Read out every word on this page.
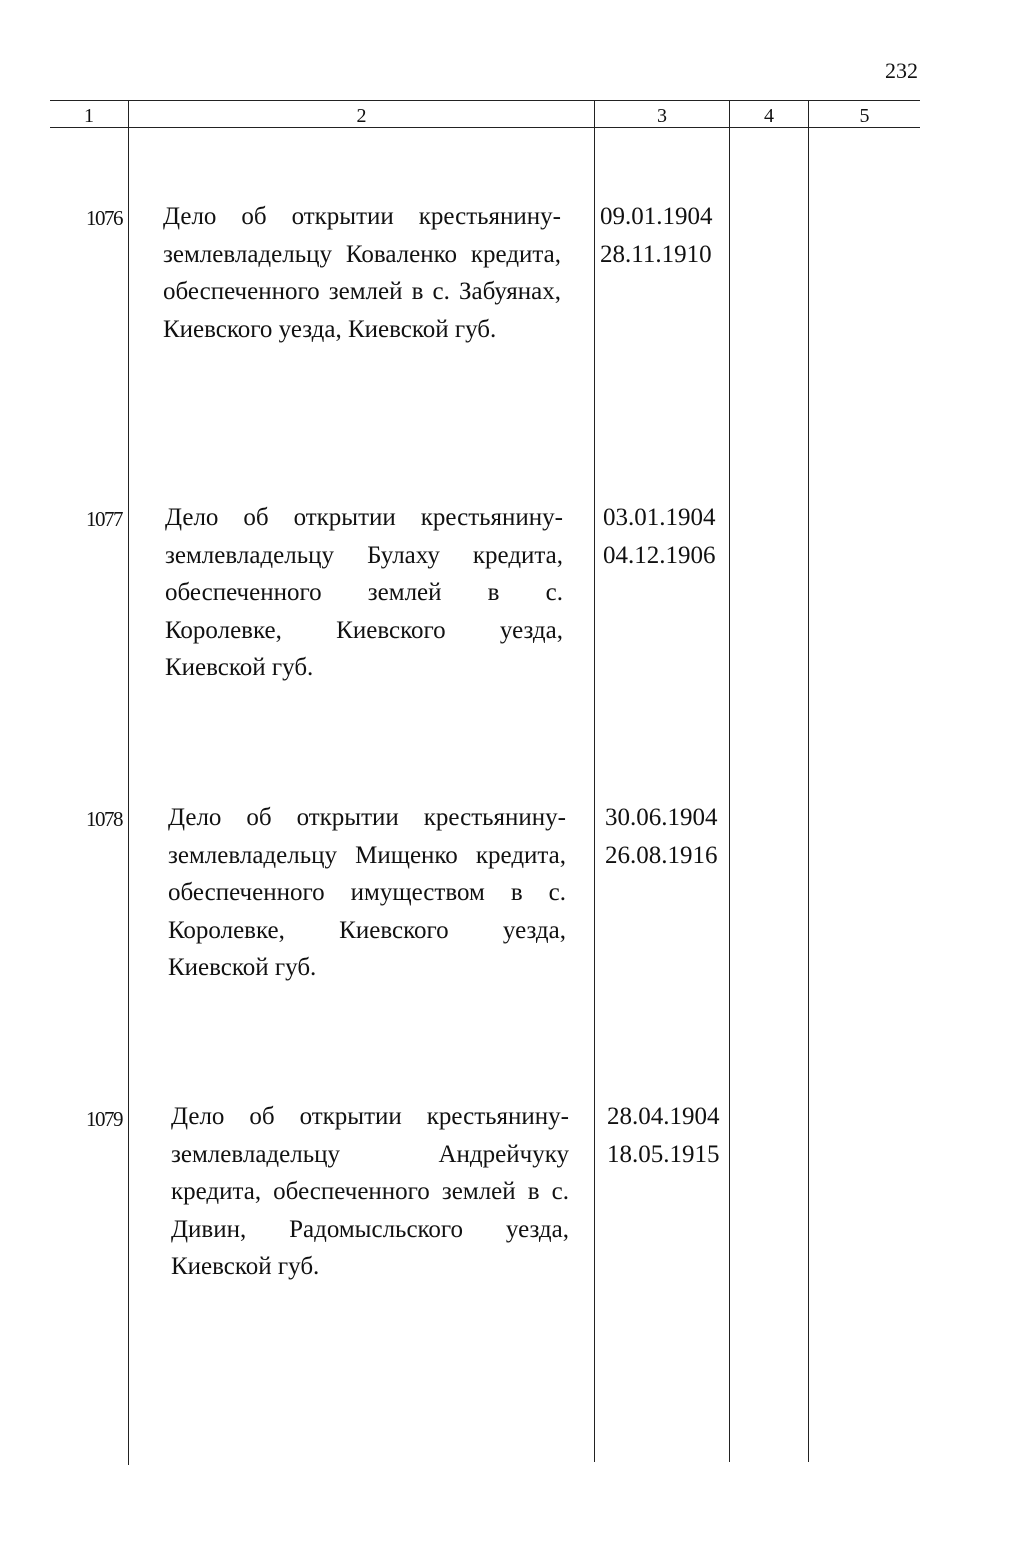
232
1	2	3	4	5
1076 Дело об открытии крестьянину-землевладельцу Коваленко кредита, обеспеченного землей в с. Забуянах, Киевского уезда, Киевской губ.
09.01.1904
28.11.1910
1077 Дело об открытии крестьянину-землевладельцу Булаху кредита, обеспеченного землей в с. Королевке, Киевского уезда, Киевской губ.
03.01.1904
04.12.1906
1078 Дело об открытии крестьянину-землевладельцу Мищенко кредита, обеспеченного имуществом в с. Королевке, Киевского уезда, Киевской губ.
30.06.1904
26.08.1916
1079 Дело об открытии крестьянину-землевладельцу Андрейчуку кредита, обеспеченного землей в с. Дивин, Радомысльского уезда, Киевской губ.
28.04.1904
18.05.1915
